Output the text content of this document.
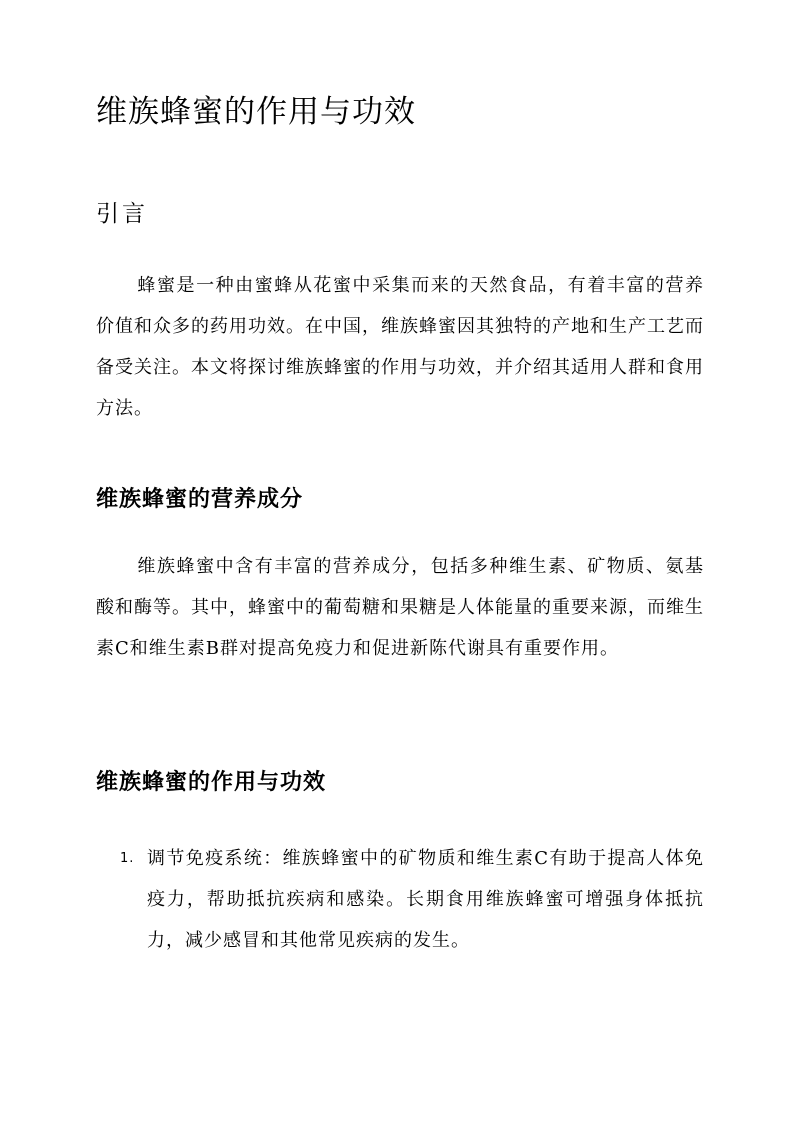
维族蜂蜜的作用与功效
引言

蜂蜜是一种由蜜蜂从花蜜中采集而来的天然食品，有着丰富的营养价值和众多的药用功效。在中国，维族蜂蜜因其独特的产地和生产工艺而备受关注。本文将探讨维族蜂蜜的作用与功效，并介绍其适用人群和食用方法。

维族蜂蜜的营养成分

维族蜂蜜中含有丰富的营养成分，包括多种维生素、矿物质、氨基酸和酶等。其中，蜂蜜中的葡萄糖和果糖是人体能量的重要来源，而维生素C和维生素B群对提高免疫力和促进新陈代谢具有重要作用。

维族蜂蜜的作用与功效
1. 调节免疫系统：维族蜂蜜中的矿物质和维生素C有助于提高人体免疫力，帮助抵抗疾病和感染。长期食用维族蜂蜜可增强身体抵抗力，减少感冒和其他常见疾病的发生。
